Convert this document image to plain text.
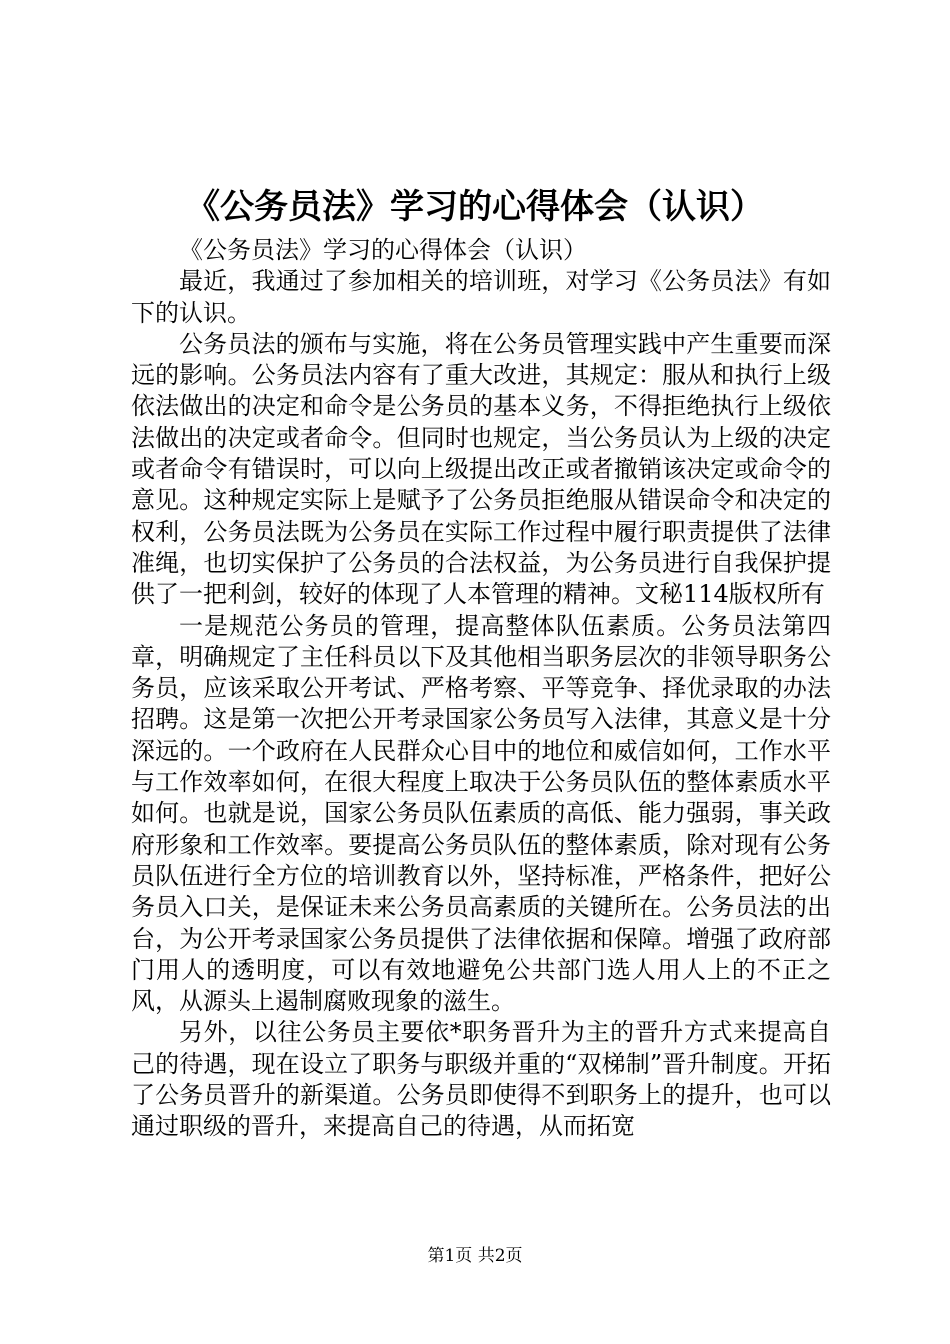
《公务员法》学习的心得体会（认识）

《公务员法》学习的心得体会（认识）

最近，我通过了参加相关的培训班，对学习《公务员法》有如下的认识。

公务员法的颁布与实施，将在公务员管理实践中产生重要而深远的影响。公务员法内容有了重大改进，其规定：服从和执行上级依法做出的决定和命令是公务员的基本义务，不得拒绝执行上级依法做出的决定或者命令。但同时也规定，当公务员认为上级的决定或者命令有错误时，可以向上级提出改正或者撤销该决定或命令的意见。这种规定实际上是赋予了公务员拒绝服从错误命令和决定的权利，公务员法既为公务员在实际工作过程中履行职责提供了法律准绳，也切实保护了公务员的合法权益，为公务员进行自我保护提供了一把利剑，较好的体现了人本管理的精神。文秘114版权所有

一是规范公务员的管理，提高整体队伍素质。公务员法第四章，明确规定了主任科员以下及其他相当职务层次的非领导职务公务员，应该采取公开考试、严格考察、平等竞争、择优录取的办法招聘。这是第一次把公开考录国家公务员写入法律，其意义是十分深远的。一个政府在人民群众心目中的地位和威信如何，工作水平与工作效率如何，在很大程度上取决于公务员队伍的整体素质水平如何。也就是说，国家公务员队伍素质的高低、能力强弱，事关政府形象和工作效率。要提高公务员队伍的整体素质，除对现有公务员队伍进行全方位的培训教育以外，坚持标准，严格条件，把好公务员入口关，是保证未来公务员高素质的关键所在。公务员法的出台，为公开考录国家公务员提供了法律依据和保障。增强了政府部门用人的透明度，可以有效地避免公共部门选人用人上的不正之风，从源头上遏制腐败现象的滋生。

另外，以往公务员主要依*职务晋升为主的晋升方式来提高自己的待遇，现在设立了职务与职级并重的“双梯制”晋升制度。开拓了公务员晋升的新渠道。公务员即使得不到职务上的提升，也可以通过职级的晋升，来提高自己的待遇，从而拓宽

第1页 共2页
